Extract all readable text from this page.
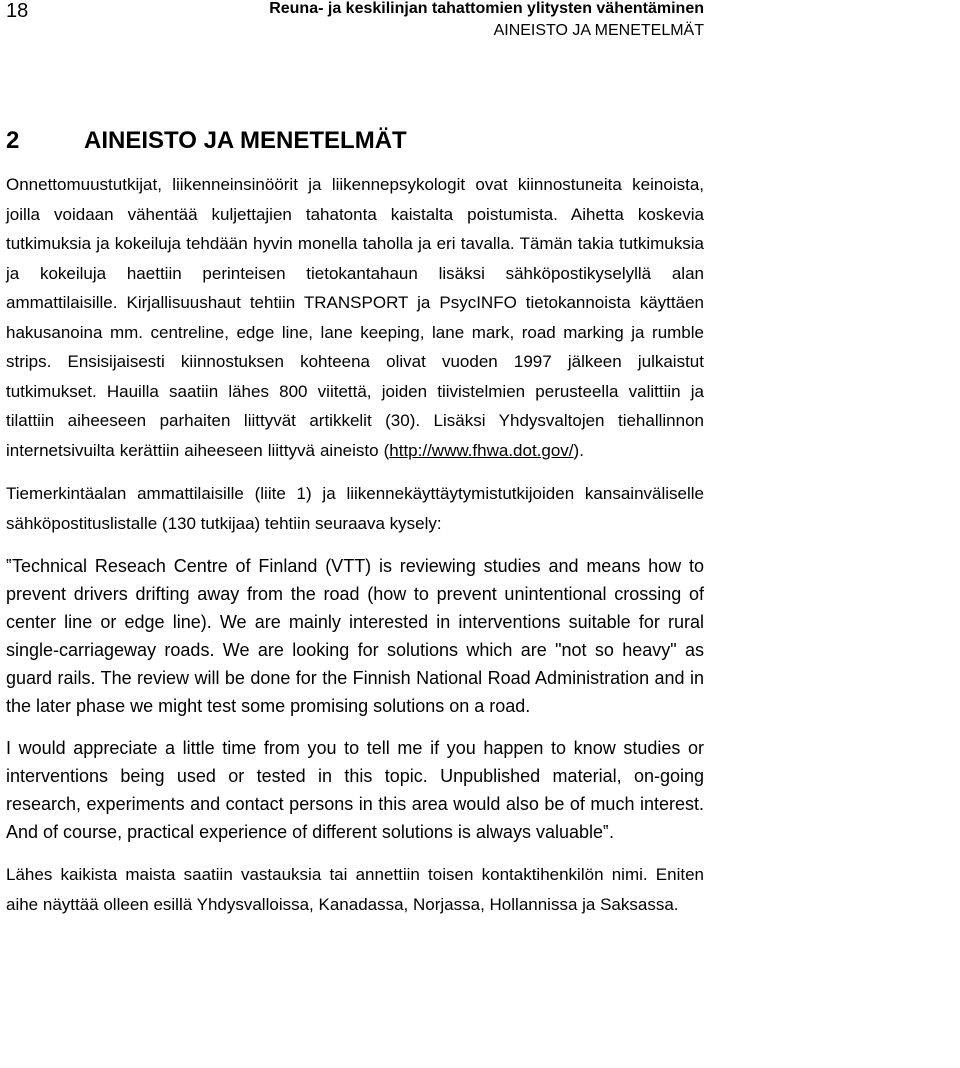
18	Reuna- ja keskilinjan tahattomien ylitysten vähentäminen
AINEISTO JA MENETELMÄT
2	AINEISTO JA MENETELMÄT

Onnettomuustutkijat, liikenneinsinöörit ja liikennepsykologit ovat kiinnostuneita keinoista, joilla voidaan vähentää kuljettajien tahatonta kaistalta poistumista. Aihetta koskevia tutkimuksia ja kokeiluja tehdään hyvin monella taholla ja eri tavalla. Tämän takia tutkimuksia ja kokeiluja haettiin perinteisen tietokantahaun lisäksi sähköpostikyselyllä alan ammattilaisille. Kirjallisuushaut tehtiin TRANSPORT ja PsycINFO tietokannoista käyttäen hakusanoina mm. centreline, edge line, lane keeping, lane mark, road marking ja rumble strips. Ensisijaisesti kiinnostuksen kohteena olivat vuoden 1997 jälkeen julkaistut tutkimukset. Hauilla saatiin lähes 800 viitettä, joiden tiivistelmien perusteella valittiin ja tilattiin aiheeseen parhaiten liittyvät artikkelit (30). Lisäksi Yhdysvaltojen tiehallinnon internetsivuilta kerättiin aiheeseen liittyvä aineisto (http://www.fhwa.dot.gov/).

Tiemerkintäalan ammattilaisille (liite 1) ja liikennekäyttäytymistutkijoiden kansainväliselle sähköpostituslistalle (130 tutkijaa) tehtiin seuraava kysely:

‟Technical Reseach Centre of Finland (VTT) is reviewing studies and means how to prevent drivers drifting away from the road (how to prevent unintentional crossing of center line or edge line). We are mainly interested in interventions suitable for rural single-carriageway roads. We are looking for solutions which are "not so heavy" as guard rails. The review will be done for the Finnish National Road Administration and in the later phase we might test some promising solutions on a road.

I would appreciate a little time from you to tell me if you happen to know studies or interventions being used or tested in this topic. Unpublished material, on-going research, experiments and contact persons in this area would also be of much interest. And of course, practical experience of different solutions is always valuable‟.

Lähes kaikista maista saatiin vastauksia tai annettiin toisen kontaktihenkilön nimi. Eniten aihe näyttää olleen esillä Yhdysvalloissa, Kanadassa, Norjassa, Hollannissa ja Saksassa.
